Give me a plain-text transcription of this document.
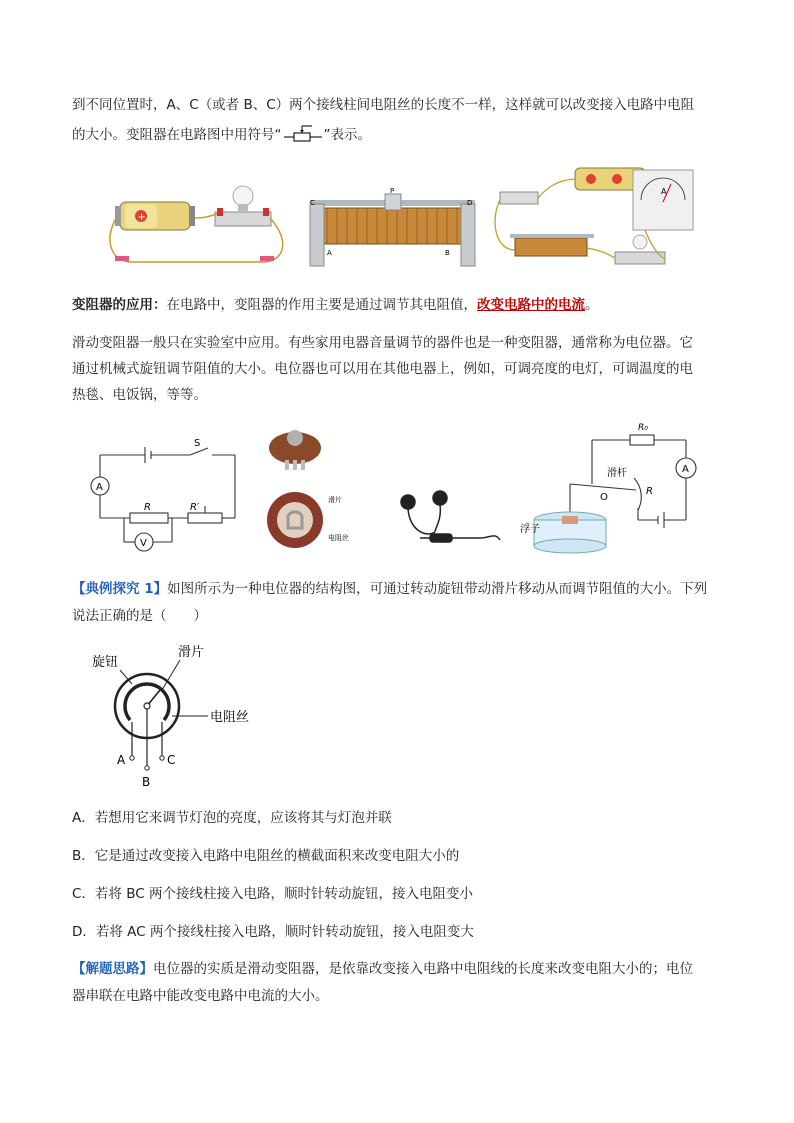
到不同位置时，A、C（或者 B、C）两个接线柱间电阻丝的长度不一样，这样就可以改变接入电路中电阻
的大小。变阻器在电路图中用符号“	”表示。
+
C
P
D
A	B
A
变阻器的应用：在电路中，变阻器的作用主要是通过调节其电阻值，改变电路中的电流。
滑动变阻器一般只在实验室中应用。有些家用电器音量调节的器件也是一种变阻器，通常称为电位器。它
通过机械式旋钮调节阻值的大小。电位器也可以用在其他电器上，例如，可调亮度的电灯，可调温度的电
热毯、电饭锅，等等。
A
V
S
R	R′
滑片
电阻丝
A
R₀
滑杆
O
R
浮子
【典例探究 1】如图所示为一种电位器的结构图，可通过转动旋钮带动滑片移动从而调节阻值的大小。下列
说法正确的是（　　）
旋钮
滑片
电阻丝
A
B
C
A．若想用它来调节灯泡的亮度，应该将其与灯泡并联
B．它是通过改变接入电路中电阻丝的横截面积来改变电阻大小的
C．若将 BC 两个接线柱接入电路，顺时针转动旋钮，接入电阻变小
D．若将 AC 两个接线柱接入电路，顺时针转动旋钮，接入电阻变大
【解题思路】电位器的实质是滑动变阻器，是依靠改变接入电路中电阻线的长度来改变电阻大小的；电位
器串联在电路中能改变电路中电流的大小。
